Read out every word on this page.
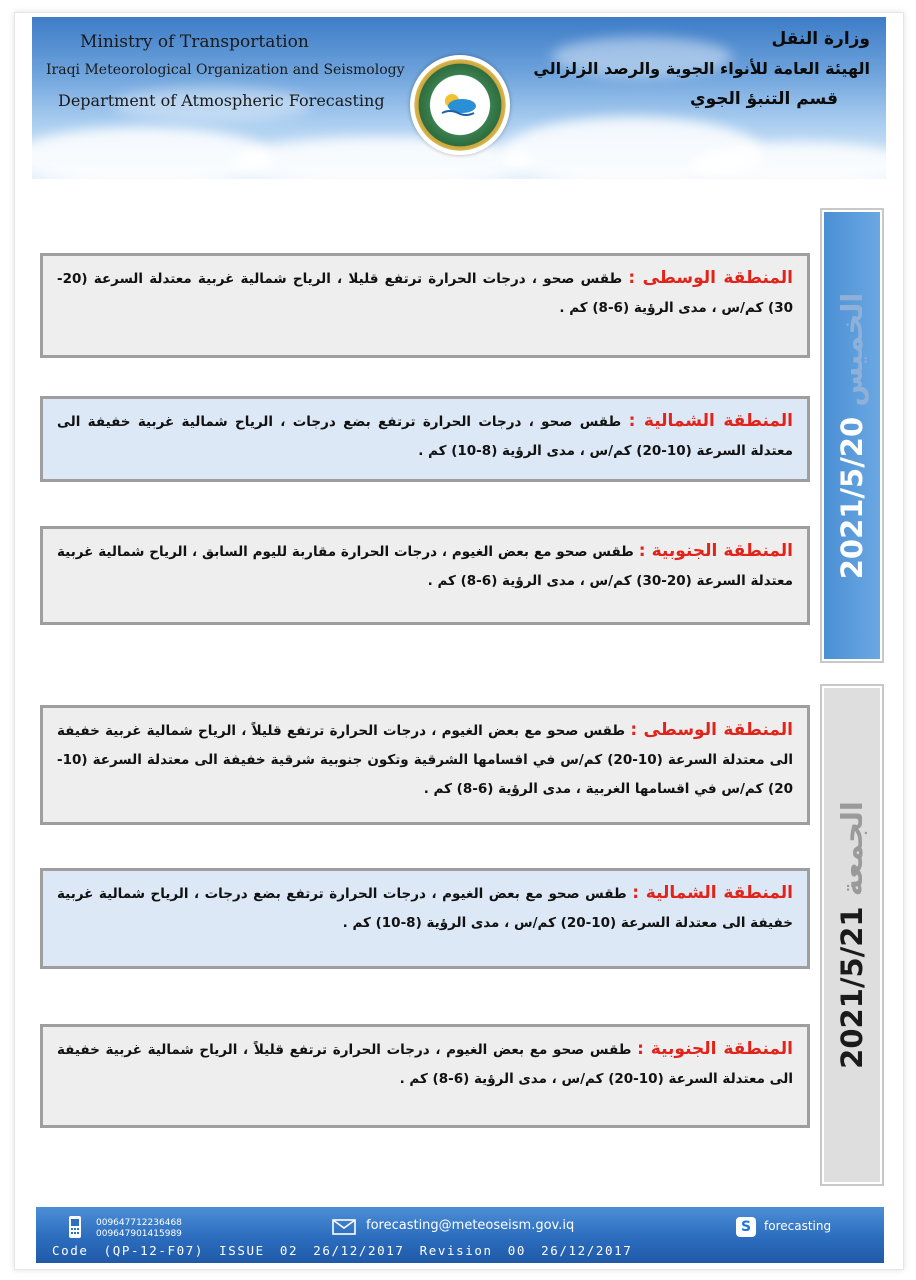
Ministry of Transportation
Iraqi Meteorological Organization and Seismology
Department of Atmospheric Forecasting
وزارة النقل
الهيئة العامة للأنواء الجوية والرصد الزلزالي
قسم التنبؤ الجوي
الخميس 2021/5/20
الجمعة 2021/5/21
المنطقة الوسطى : طقس صحو ، درجات الحرارة ترتفع قليلا ، الرياح شمالية غربية معتدلة السرعة (20-30) كم/س ، مدى الرؤية (6-8) كم .
المنطقة الشمالية : طقس صحو ، درجات الحرارة ترتفع بضع درجات ، الرياح شمالية غربية خفيفة الى معتدلة السرعة (10-20) كم/س ، مدى الرؤية (8-10) كم .
المنطقة الجنوبية : طقس صحو مع بعض الغيوم ، درجات الحرارة مقاربة لليوم السابق ، الرياح شمالية غربية معتدلة السرعة (20-30) كم/س ، مدى الرؤية (6-8) كم .
المنطقة الوسطى : طقس صحو مع بعض الغيوم ، درجات الحرارة ترتفع قليلاً ، الرياح شمالية غربية خفيفة الى معتدلة السرعة (10-20) كم/س في اقسامها الشرقية وتكون جنوبية شرقية خفيفة الى معتدلة السرعة (10-20) كم/س في اقسامها الغربية ، مدى الرؤية (6-8) كم .
المنطقة الشمالية : طقس صحو مع بعض الغيوم ، درجات الحرارة ترتفع بضع درجات ، الرياح شمالية غربية خفيفة الى معتدلة السرعة (10-20) كم/س ، مدى الرؤية (8-10) كم .
المنطقة الجنوبية : طقس صحو مع بعض الغيوم ، درجات الحرارة ترتفع قليلاً ، الرياح شمالية غربية خفيفة الى معتدلة السرعة (10-20) كم/س ، مدى الرؤية (6-8) كم .
009647712236468
009647901415989
forecasting@meteoseism.gov.iq	S	forecasting
Code (QP-12-F07) ISSUE 02 26/12/2017 Revision 00 26/12/2017
